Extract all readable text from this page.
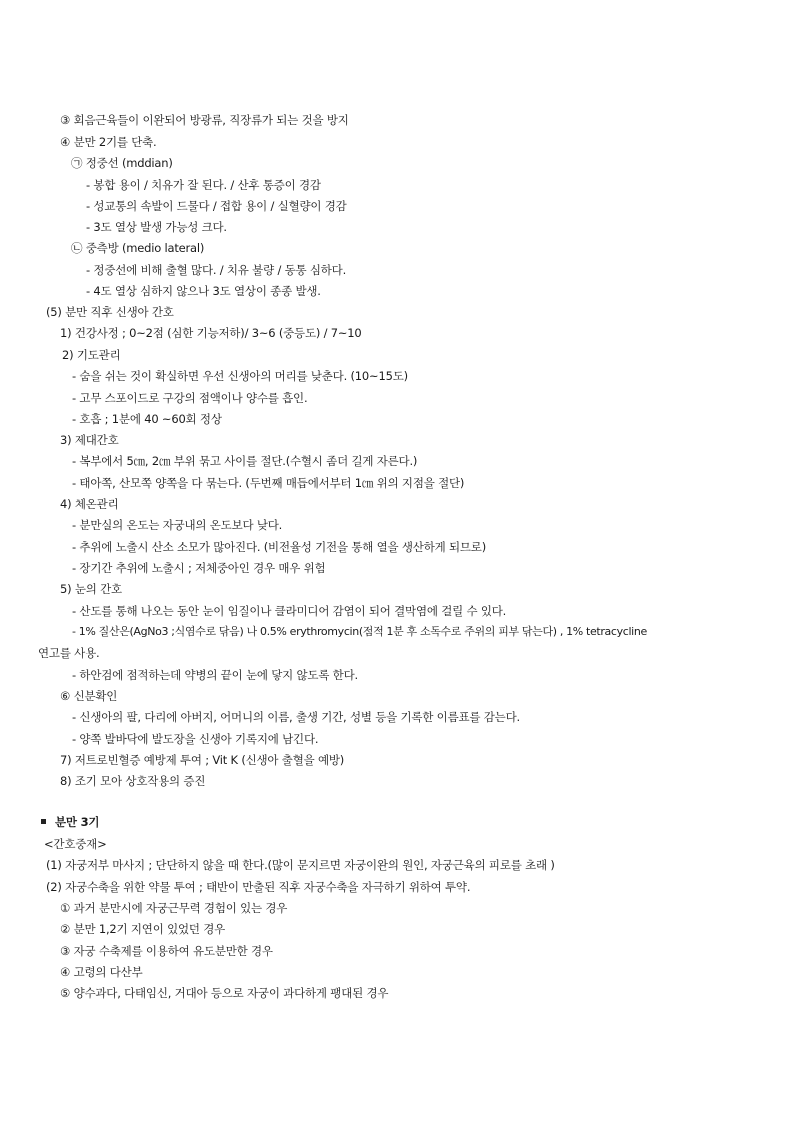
③ 회음근육들이 이완되어 방광류, 직장류가 되는 것을 방지
④ 분만 2기를 단축.
㉠ 정중선 (mddian)
- 봉합 용이 / 치유가 잘 된다. / 산후 통증이 경감
- 성교통의 속발이 드물다 / 접합 용이 / 실혈량이 경감
- 3도 열상 발생 가능성 크다.
㉡ 중측방 (medio lateral)
- 정중선에 비해 출혈 많다. / 치유 불량 / 동통 심하다.
- 4도 열상 심하지 않으나 3도 열상이 종종 발생.
(5) 분만 직후 신생아 간호
1) 건강사정 ; 0~2점 (심한 기능저하)/ 3~6 (중등도) / 7~10
2) 기도관리
- 숨을 쉬는 것이 확실하면 우선 신생아의 머리를 낮춘다. (10~15도)
- 고무 스포이드로 구강의 점액이나 양수를 흡인.
- 호흡 ; 1분에 40 ~60회 정상
3) 제대간호
- 복부에서 5㎝, 2㎝ 부위 묶고 사이를 절단.(수혈시 좀더 길게 자른다.)
- 태아쪽, 산모쪽 양쪽을 다 묶는다. (두번째 매듭에서부터 1㎝ 위의 지점을 절단)
4) 체온관리
- 분만실의 온도는 자궁내의 온도보다 낮다.
- 추위에 노출시 산소 소모가 많아진다. (비전율성 기전을 통해 열을 생산하게 되므로)
- 장기간 추위에 노출시 ; 저체중아인 경우 매우 위험
5) 눈의 간호
- 산도를 통해 나오는 동안 눈이 임질이나 클라미디어 감염이 되어 결막염에 걸릴 수 있다.
- 1% 질산은(AgNo3 ;식염수로 닦음) 나 0.5% erythromycin(점적 1분 후 소독수로 주위의 피부 닦는다) , 1% tetracycline
연고를 사용.
- 하안검에 점적하는데 약병의 끝이 눈에 닿지 않도록 한다.
⑥ 신분확인
- 신생아의 팔, 다리에 아버지, 어머니의 이름, 출생 기간, 성별 등을 기록한 이름표를 감는다.
- 양쪽 발바닥에 발도장을 신생아 기록지에 남긴다.
7) 저트로빈혈증 예방제 투여 ; Vit K (신생아 출혈을 예방)
8) 조기 모아 상호작용의 증진
분만 3기
<간호중재>
(1) 자궁저부 마사지 ; 단단하지 않을 때 한다.(많이 문지르면 자궁이완의 원인, 자궁근육의 피로를 초래 )
(2) 자궁수축을 위한 약물 투여 ; 태반이 만출된 직후 자궁수축을 자극하기 위하여 투약.
① 과거 분만시에 자궁근무력 경험이 있는 경우
② 분만 1,2기 지연이 있었던 경우
③ 자궁 수축제를 이용하여 유도분만한 경우
④ 고령의 다산부
⑤ 양수과다, 다태임신, 거대아 등으로 자궁이 과다하게 팽대된 경우
